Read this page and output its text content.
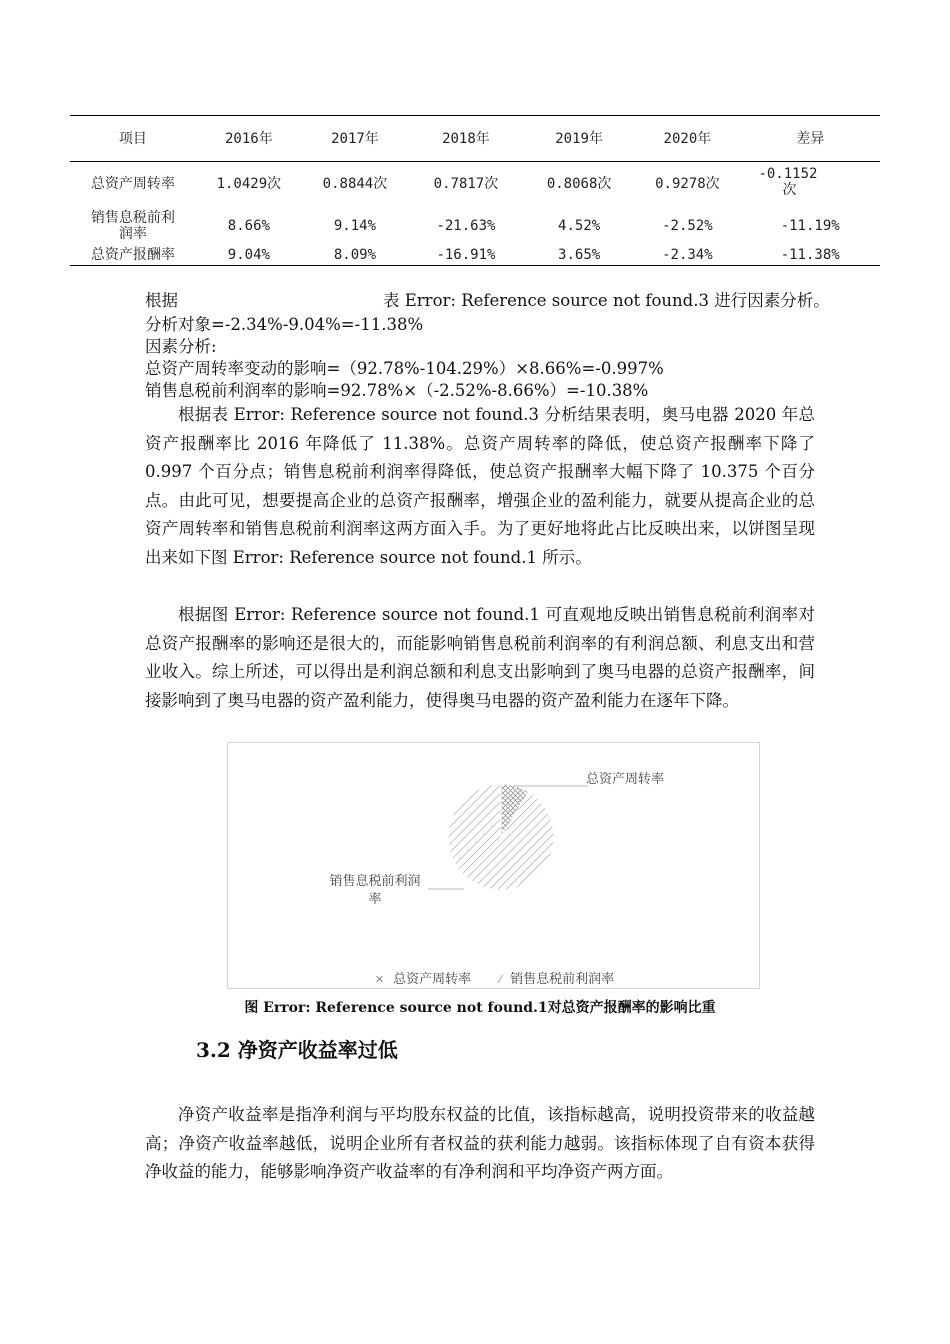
项目	2016年	2017年	2018年	2019年	2020年	差异
总资产周转率	1.0429次	0.8844次	0.7817次	0.8068次	0.9278次	-0.1152
次

销售息税前利润率	8.66%	9.14%	-21.63%	4.52%	-2.52%	-11.19%
总资产报酬率	9.04%	8.09%	-16.91%	3.65%	-2.34%	-11.38%
根据	表 Error: Reference source not found.3 进行因素分析。
分析对象=-2.34%-9.04%=-11.38%
因素分析:
总资产周转率变动的影响=（92.78%-104.29%）×8.66%=-0.997%
销售息税前利润率的影响=92.78%×（-2.52%-8.66%）=-10.38%

根据表 Error: Reference source not found.3 分析结果表明，奥马电器 2020 年总资产报酬率比 2016 年降低了 11.38%。总资产周转率的降低，使总资产报酬率下降了 0.997 个百分点；销售息税前利润率得降低，使总资产报酬率大幅下降了 10.375 个百分点。由此可见，想要提高企业的总资产报酬率，增强企业的盈利能力，就要从提高企业的总资产周转率和销售息税前利润率这两方面入手。为了更好地将此占比反映出来，以饼图呈现出来如下图 Error: Reference source not found.1 所示。

根据图 Error: Reference source not found.1 可直观地反映出销售息税前利润率对总资产报酬率的影响还是很大的，而能影响销售息税前利润率的有利润总额、利息支出和营业收入。综上所述，可以得出是利润总额和利息支出影响到了奥马电器的总资产报酬率，间接影响到了奥马电器的资产盈利能力，使得奥马电器的资产盈利能力在逐年下降。

总资产周转率
销售息税前利润
率
✕ 总资产周转率	⁄ 销售息税前利润率
图 Error: Reference source not found.1对总资产报酬率的影响比重
3.2 净资产收益率过低

净资产收益率是指净利润与平均股东权益的比值，该指标越高，说明投资带来的收益越高；净资产收益率越低，说明企业所有者权益的获利能力越弱。该指标体现了自有资本获得净收益的能力，能够影响净资产收益率的有净利润和平均净资产两方面。
